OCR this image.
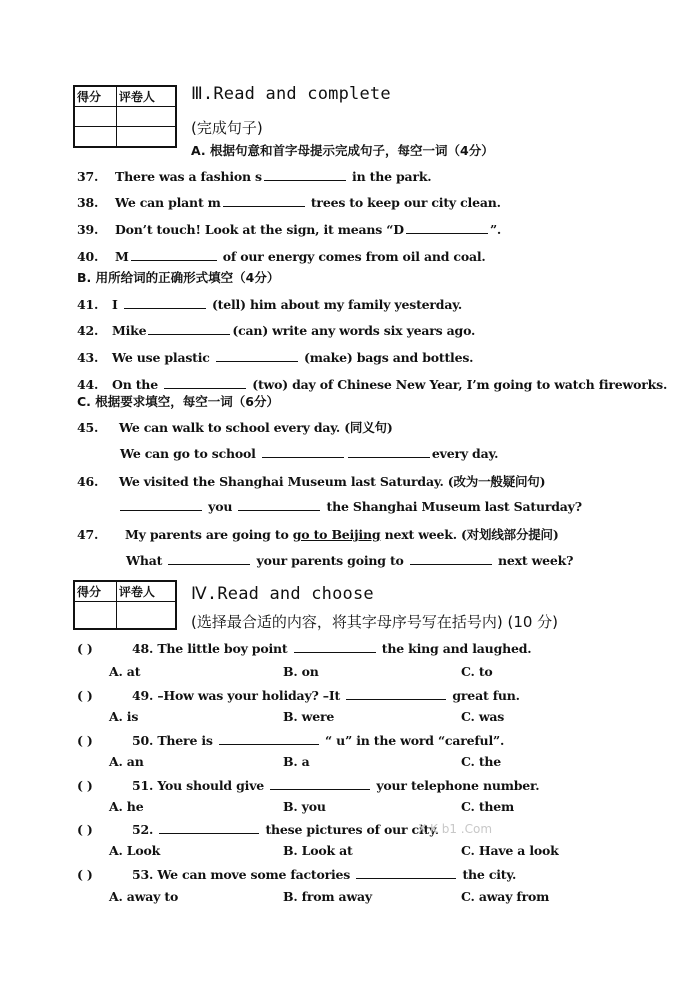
得分	评卷人

	Ⅲ.Read and complete
(完成句子)
A. 根据句意和首字母提示完成句子，每空一词（4分）
37. There was a fashion s	in the park.
38. We can plant m	trees to keep our city clean.
39. Don’t touch! Look at the sign, it means “D	”.
40. M	of our energy comes from oil and coal.
B. 用所给词的正确形式填空（4分）
41. I	(tell) him about my family yesterday.
42. Mike	(can) write any words six years ago.
43. We use plastic	(make) bags and bottles.
44. On the	(two) day of Chinese New Year, I’m going to watch fireworks.
C. 根据要求填空，每空一词（6分）
45. We can walk to school every day. (同义句)
We can go to school	every day.
46. We visited the Shanghai Museum last Saturday. (改为一般疑问句)
you	the Shanghai Museum last Saturday?
47. My parents are going to go to Beijing next week. (对划线部分提问)
What	your parents going to	next week?
得分	评卷人
	Ⅳ.Read and choose
(选择最合适的内容，将其字母序号写在括号内) (10 分)
( )	48. The little boy point	the king and laughed.
A. at	B. on	C. to
( )	49. –How was your holiday? –It	great fun.
A. is	B. were	C. was
( )	50. There is	“ u” in the word “careful”.
A. an	B. a	C. the
( )	51. You should give	your telephone number.
A. he	B. you	C. them
( )	52.	these pictures of our city.
X K b1 .Com
A. Look	B. Look at	C. Have a look
( )	53. We can move some factories	the city.
A. away to	B. from away	C. away from
